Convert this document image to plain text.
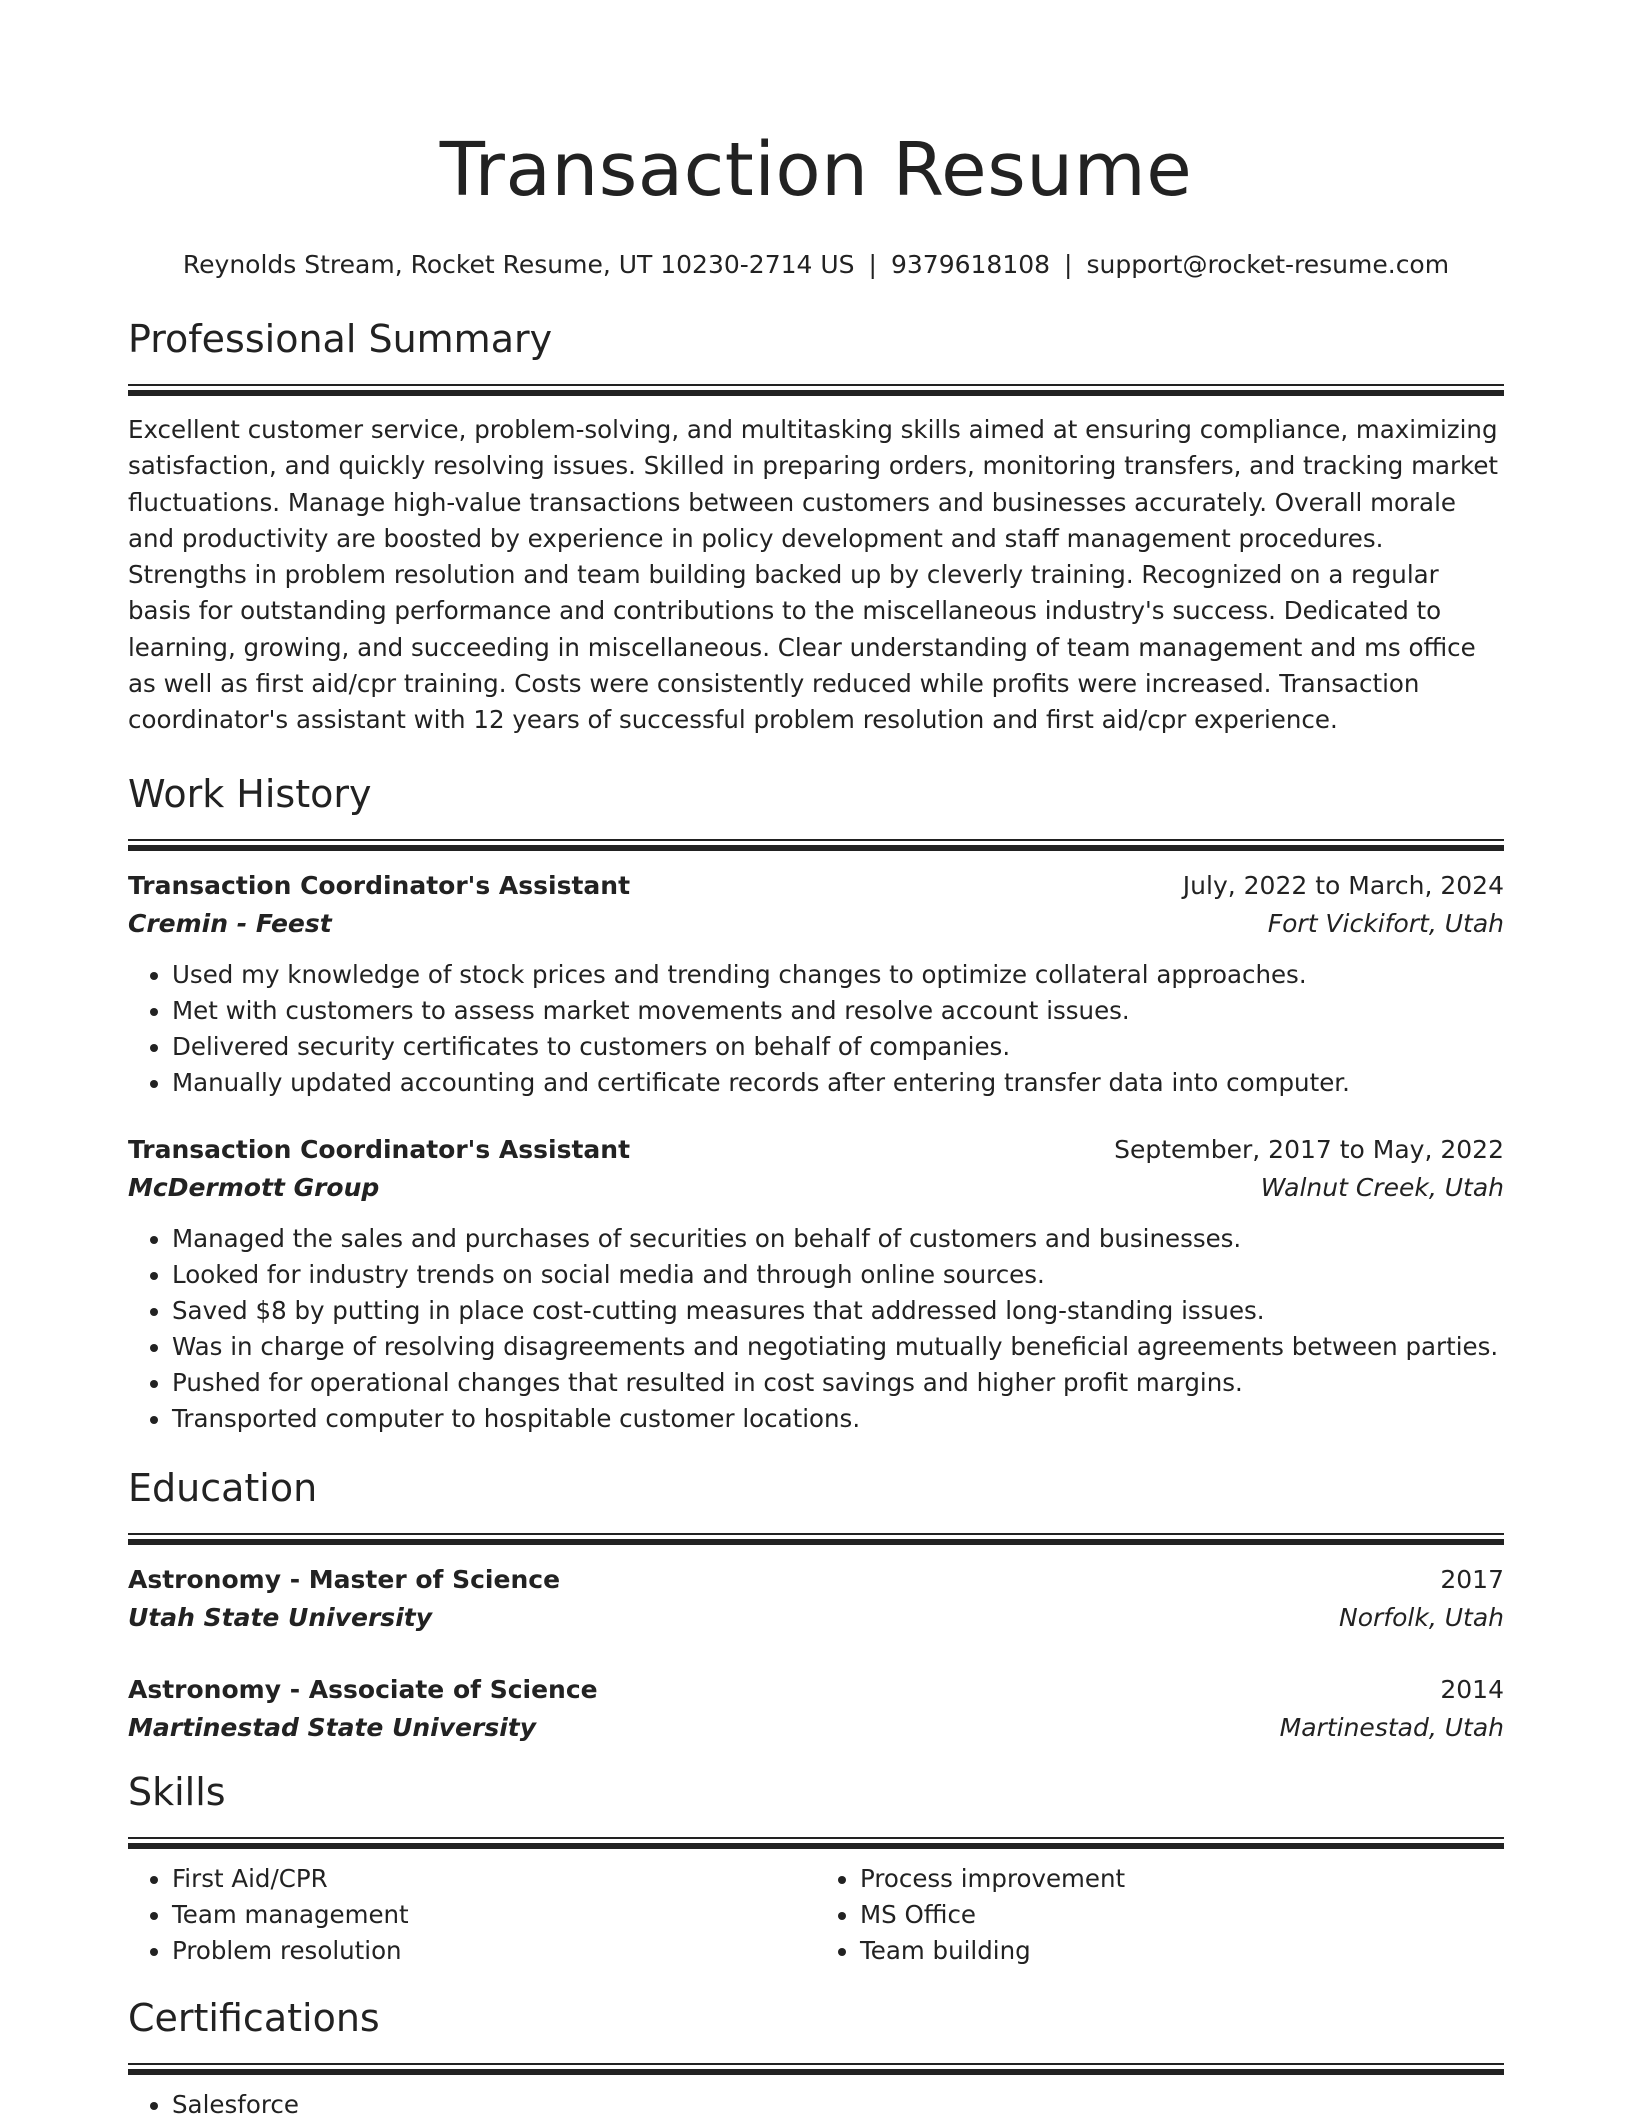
Transaction Resume
Reynolds Stream, Rocket Resume, UT 10230-2714 US | 9379618108 | support@rocket-resume.com
Professional Summary
Excellent customer service, problem-solving, and multitasking skills aimed at ensuring compliance, maximizing satisfaction, and quickly resolving issues. Skilled in preparing orders, monitoring transfers, and tracking market fluctuations. Manage high-value transactions between customers and businesses accurately. Overall morale and productivity are boosted by experience in policy development and staff management procedures. Strengths in problem resolution and team building backed up by cleverly training. Recognized on a regular basis for outstanding performance and contributions to the miscellaneous industry's success. Dedicated to learning, growing, and succeeding in miscellaneous. Clear understanding of team management and ms office as well as first aid/cpr training. Costs were consistently reduced while profits were increased. Transaction coordinator's assistant with 12 years of successful problem resolution and first aid/cpr experience.
Work History
Transaction Coordinator's Assistant	July, 2022 to March, 2024
Cremin - Feest	Fort Vickifort, Utah
• Used my knowledge of stock prices and trending changes to optimize collateral approaches.
• Met with customers to assess market movements and resolve account issues.
• Delivered security certificates to customers on behalf of companies.
• Manually updated accounting and certificate records after entering transfer data into computer.
Transaction Coordinator's Assistant	September, 2017 to May, 2022
McDermott Group	Walnut Creek, Utah
• Managed the sales and purchases of securities on behalf of customers and businesses.
• Looked for industry trends on social media and through online sources.
• Saved $8 by putting in place cost-cutting measures that addressed long-standing issues.
• Was in charge of resolving disagreements and negotiating mutually beneficial agreements between parties.
• Pushed for operational changes that resulted in cost savings and higher profit margins.
• Transported computer to hospitable customer locations.
Education
Astronomy - Master of Science	2017
Utah State University	Norfolk, Utah
Astronomy - Associate of Science	2014
Martinestad State University	Martinestad, Utah
Skills
• First Aid/CPR
• Team management
• Problem resolution
• Process improvement
• MS Office
• Team building
Certifications
• Salesforce
